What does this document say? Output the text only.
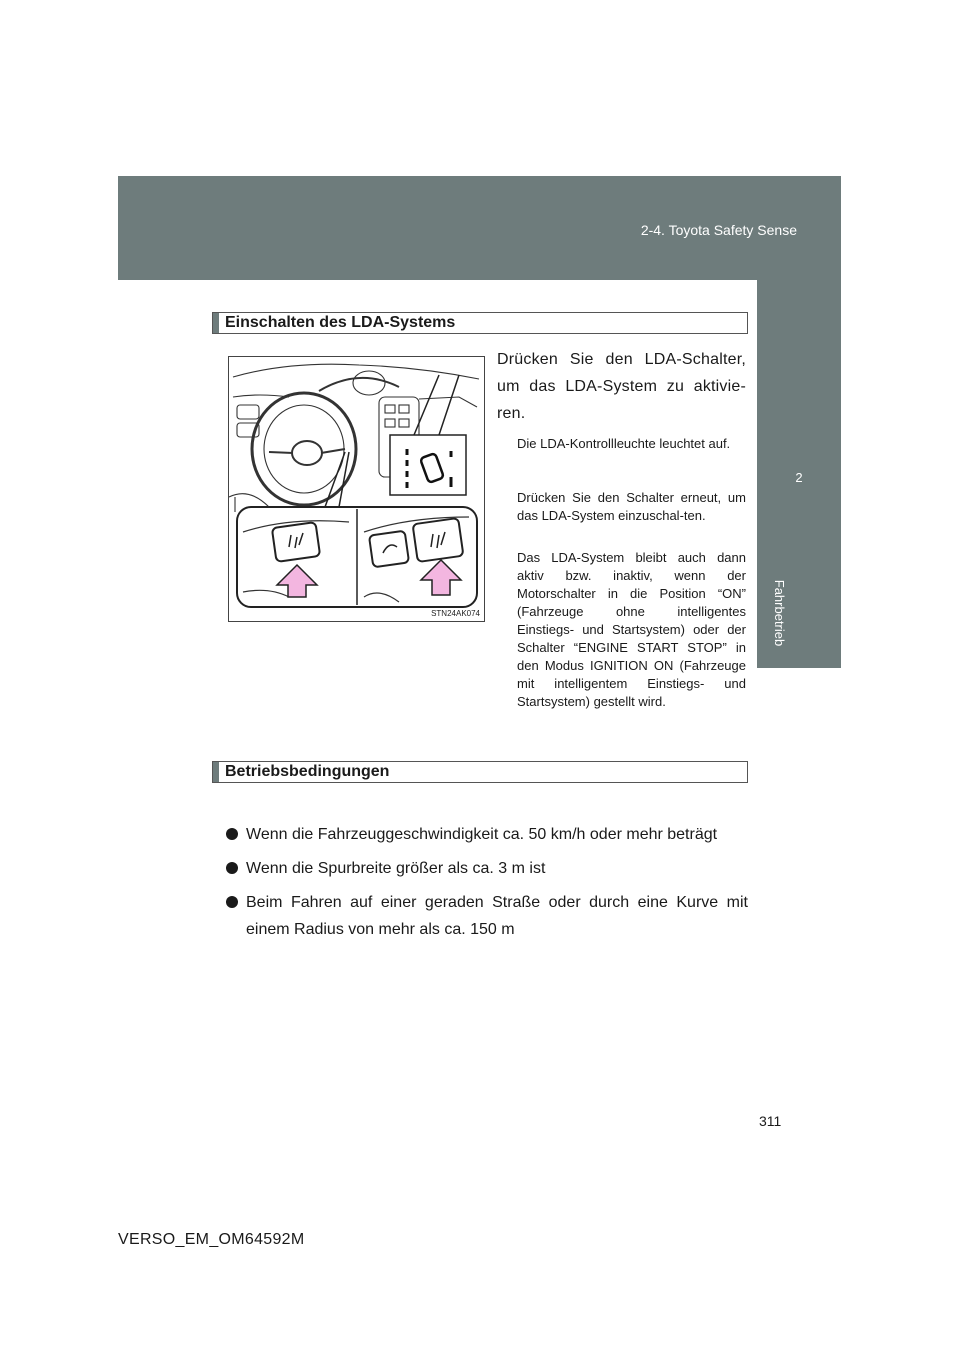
2-4. Toyota Safety Sense
2
Fahrbetrieb
Einschalten des LDA-Systems
STN24AK074
Drücken Sie den LDA-Schalter, um das LDA-System zu aktivie-ren.
Die LDA-Kontrollleuchte leuchtet auf.
Drücken Sie den Schalter erneut, um das LDA-System einzuschal-ten.
Das LDA-System bleibt auch dann aktiv bzw. inaktiv, wenn der Motorschalter in die Position “ON” (Fahrzeuge ohne intelligentes Einstiegs- und Startsystem) oder der Schalter “ENGINE START STOP” in den Modus IGNITION ON (Fahrzeuge mit intelligentem Einstiegs- und Startsystem) gestellt wird.
Betriebsbedingungen
Wenn die Fahrzeuggeschwindigkeit ca. 50 km/h oder mehr beträgt
Wenn die Spurbreite größer als ca. 3 m ist
Beim Fahren auf einer geraden Straße oder durch eine Kurve mit einem Radius von mehr als ca. 150 m
311
VERSO_EM_OM64592M
